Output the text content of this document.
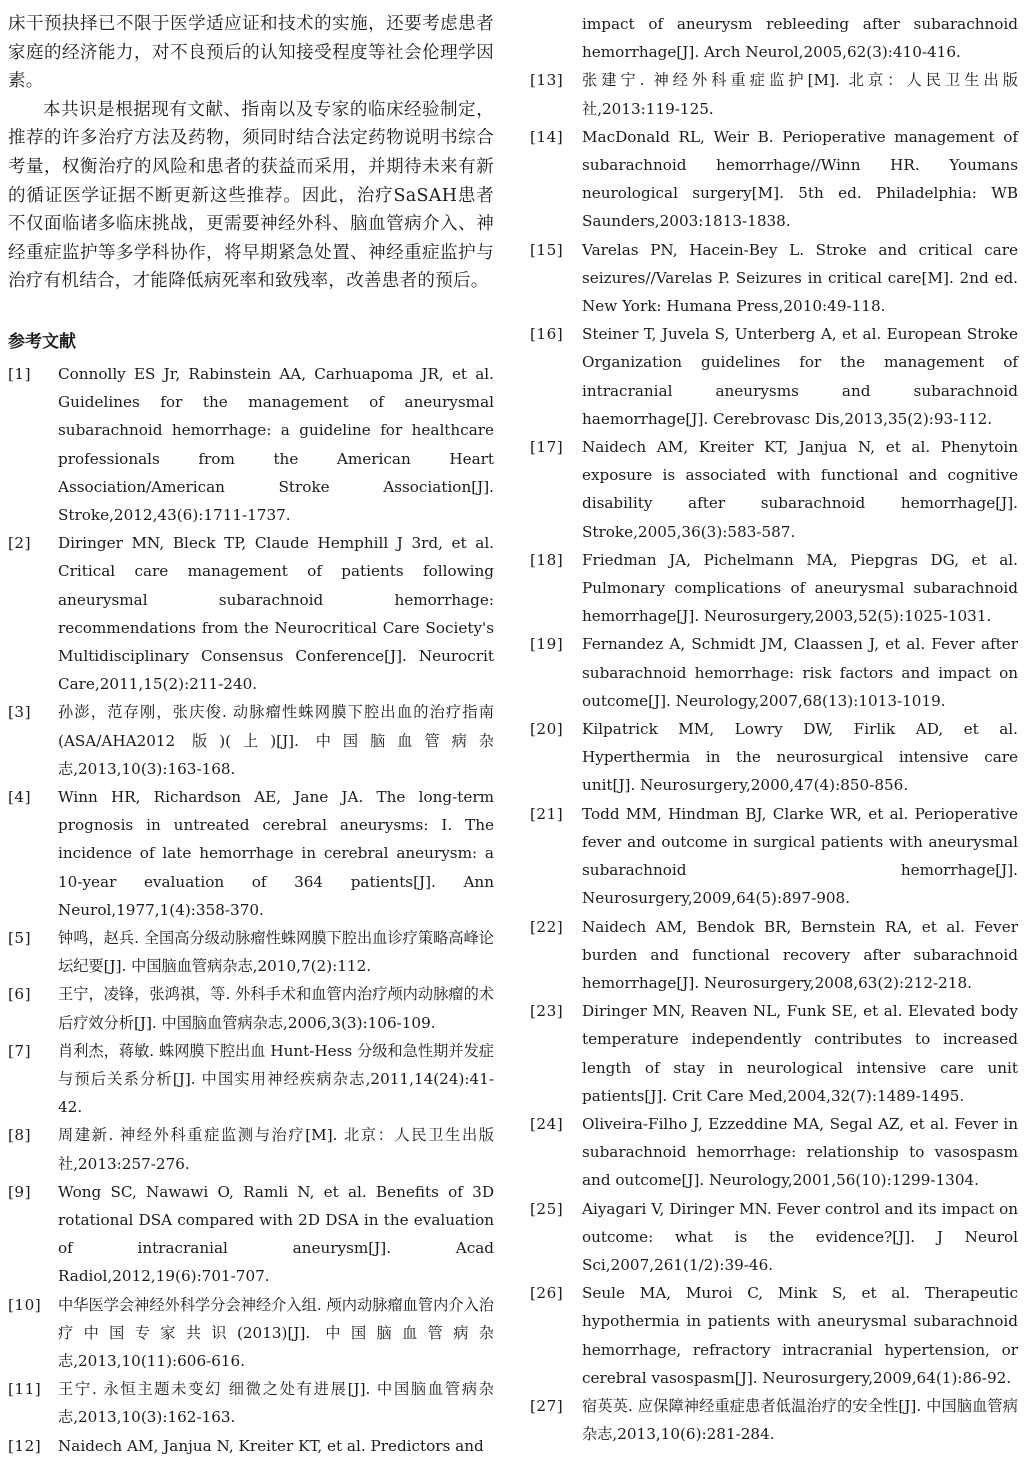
床干预抉择已不限于医学适应证和技术的实施，还要考虑患者家庭的经济能力，对不良预后的认知接受程度等社会伦理学因素。

本共识是根据现有文献、指南以及专家的临床经验制定，推荐的许多治疗方法及药物，须同时结合法定药物说明书综合考量，权衡治疗的风险和患者的获益而采用，并期待未来有新的循证医学证据不断更新这些推荐。因此，治疗SaSAH患者不仅面临诸多临床挑战，更需要神经外科、脑血管病介入、神经重症监护等多学科协作，将早期紧急处置、神经重症监护与治疗有机结合，才能降低病死率和致残率，改善患者的预后。

参考文献
[1]	Connolly ES Jr, Rabinstein AA, Carhuapoma JR, et al. Guidelines for the management of aneurysmal subarachnoid hemorrhage: a guideline for healthcare professionals from the American Heart Association/American Stroke Association[J]. Stroke,2012,43(6):1711-1737.
[2]	Diringer MN, Bleck TP, Claude Hemphill J 3rd, et al. Critical care management of patients following aneurysmal subarachnoid hemorrhage: recommendations from the Neurocritical Care Society's Multidisciplinary Consensus Conference[J]. Neurocrit Care,2011,15(2):211-240.
[3]	孙澎，范存刚，张庆俊. 动脉瘤性蛛网膜下腔出血的治疗指南(ASA/AHA2012 版)(上)[J]. 中国脑血管病杂志,2013,10(3):163-168.
[4]	Winn HR, Richardson AE, Jane JA. The long-term prognosis in untreated cerebral aneurysms: I. The incidence of late hemorrhage in cerebral aneurysm: a 10-year evaluation of 364 patients[J]. Ann Neurol,1977,1(4):358-370.
[5]	钟鸣，赵兵. 全国高分级动脉瘤性蛛网膜下腔出血诊疗策略高峰论坛纪要[J]. 中国脑血管病杂志,2010,7(2):112.
[6]	王宁，凌锋，张鸿祺，等. 外科手术和血管内治疗颅内动脉瘤的术后疗效分析[J]. 中国脑血管病杂志,2006,3(3):106-109.
[7]	肖利杰，蒋敏. 蛛网膜下腔出血 Hunt-Hess 分级和急性期并发症与预后关系分析[J]. 中国实用神经疾病杂志,2011,14(24):41-42.
[8]	周建新. 神经外科重症监测与治疗[M]. 北京：人民卫生出版社,2013:257-276.
[9]	Wong SC, Nawawi O, Ramli N, et al. Benefits of 3D rotational DSA compared with 2D DSA in the evaluation of intracranial aneurysm[J]. Acad Radiol,2012,19(6):701-707.
[10]	中华医学会神经外科学分会神经介入组. 颅内动脉瘤血管内介入治疗中国专家共识(2013)[J]. 中国脑血管病杂志,2013,10(11):606-616.
[11]	王宁. 永恒主题未变幻 细微之处有进展[J]. 中国脑血管病杂志,2013,10(3):162-163.
[12]	Naidech AM, Janjua N, Kreiter KT, et al. Predictors and
impact of aneurysm rebleeding after subarachnoid hemorrhage[J]. Arch Neurol,2005,62(3):410-416.
[13]	张建宁. 神经外科重症监护[M]. 北京：人民卫生出版社,2013:119-125.
[14]	MacDonald RL, Weir B. Perioperative management of subarachnoid hemorrhage//Winn HR. Youmans neurological surgery[M]. 5th ed. Philadelphia: WB Saunders,2003:1813-1838.
[15]	Varelas PN, Hacein-Bey L. Stroke and critical care seizures//Varelas P. Seizures in critical care[M]. 2nd ed. New York: Humana Press,2010:49-118.
[16]	Steiner T, Juvela S, Unterberg A, et al. European Stroke Organization guidelines for the management of intracranial aneurysms and subarachnoid haemorrhage[J]. Cerebrovasc Dis,2013,35(2):93-112.
[17]	Naidech AM, Kreiter KT, Janjua N, et al. Phenytoin exposure is associated with functional and cognitive disability after subarachnoid hemorrhage[J]. Stroke,2005,36(3):583-587.
[18]	Friedman JA, Pichelmann MA, Piepgras DG, et al. Pulmonary complications of aneurysmal subarachnoid hemorrhage[J]. Neurosurgery,2003,52(5):1025-1031.
[19]	Fernandez A, Schmidt JM, Claassen J, et al. Fever after subarachnoid hemorrhage: risk factors and impact on outcome[J]. Neurology,2007,68(13):1013-1019.
[20]	Kilpatrick MM, Lowry DW, Firlik AD, et al. Hyperthermia in the neurosurgical intensive care unit[J]. Neurosurgery,2000,47(4):850-856.
[21]	Todd MM, Hindman BJ, Clarke WR, et al. Perioperative fever and outcome in surgical patients with aneurysmal subarachnoid hemorrhage[J]. Neurosurgery,2009,64(5):897-908.
[22]	Naidech AM, Bendok BR, Bernstein RA, et al. Fever burden and functional recovery after subarachnoid hemorrhage[J]. Neurosurgery,2008,63(2):212-218.
[23]	Diringer MN, Reaven NL, Funk SE, et al. Elevated body temperature independently contributes to increased length of stay in neurological intensive care unit patients[J]. Crit Care Med,2004,32(7):1489-1495.
[24]	Oliveira-Filho J, Ezzeddine MA, Segal AZ, et al. Fever in subarachnoid hemorrhage: relationship to vasospasm and outcome[J]. Neurology,2001,56(10):1299-1304.
[25]	Aiyagari V, Diringer MN. Fever control and its impact on outcome: what is the evidence?[J]. J Neurol Sci,2007,261(1/2):39-46.
[26]	Seule MA, Muroi C, Mink S, et al. Therapeutic hypothermia in patients with aneurysmal subarachnoid hemorrhage, refractory intracranial hypertension, or cerebral vasospasm[J]. Neurosurgery,2009,64(1):86-92.
[27]	宿英英. 应保障神经重症患者低温治疗的安全性[J]. 中国脑血管病杂志,2013,10(6):281-284.
